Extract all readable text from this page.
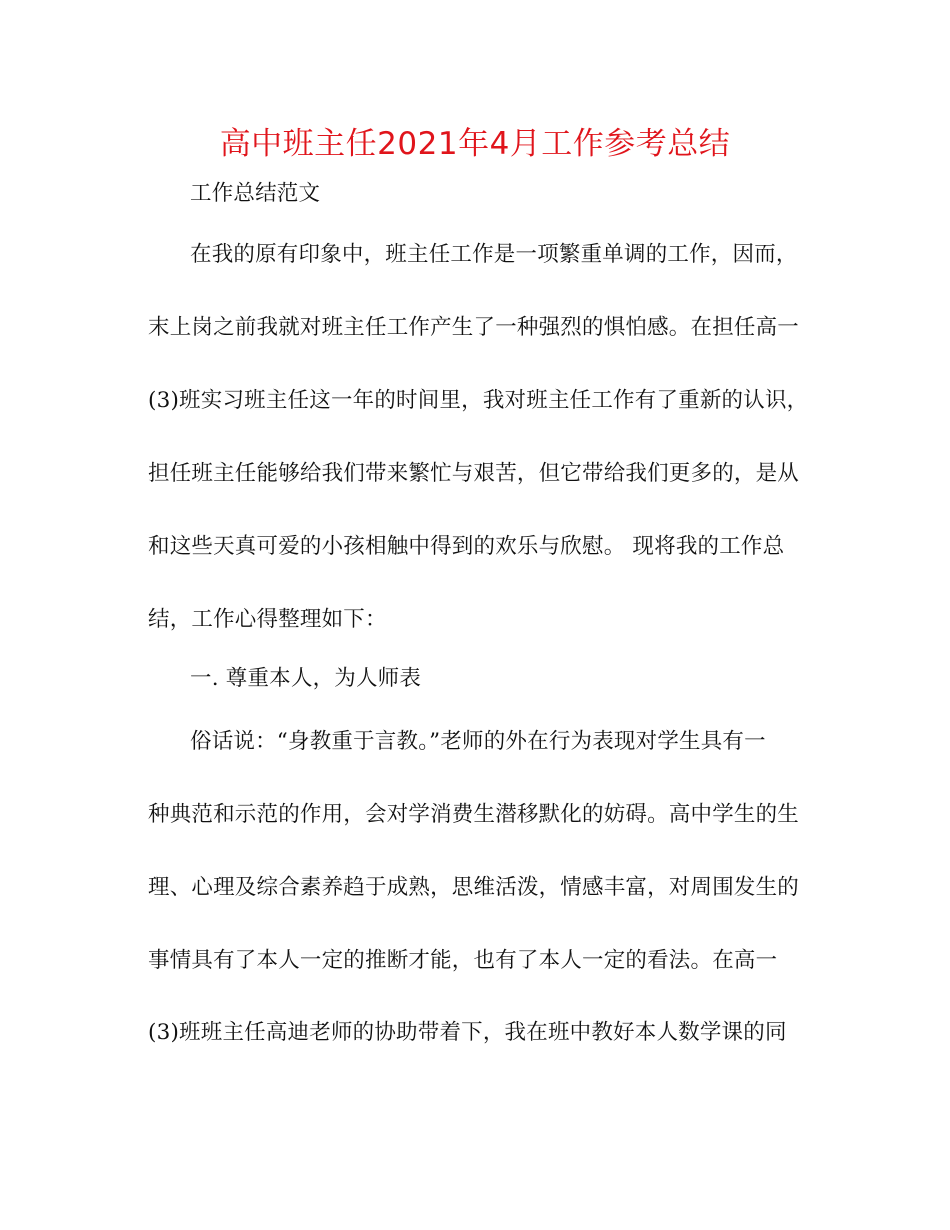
高中班主任2021年4月工作参考总结
工作总结范文
在我的原有印象中，班主任工作是一项繁重单调的工作，因而，
末上岗之前我就对班主任工作产生了一种强烈的惧怕感。在担任高一
(3)班实习班主任这一年的时间里，我对班主任工作有了重新的认识，
担任班主任能够给我们带来繁忙与艰苦，但它带给我们更多的，是从
和这些天真可爱的小孩相触中得到的欢乐与欣慰。 现将我的工作总
结，工作心得整理如下：
一. 尊重本人，为人师表
俗话说：“身教重于言教。”老师的外在行为表现对学生具有一
种典范和示范的作用，会对学消费生潜移默化的妨碍。高中学生的生
理、心理及综合素养趋于成熟，思维活泼，情感丰富，对周围发生的
事情具有了本人一定的推断才能，也有了本人一定的看法。在高一
(3)班班主任高迪老师的协助带着下，我在班中教好本人数学课的同
